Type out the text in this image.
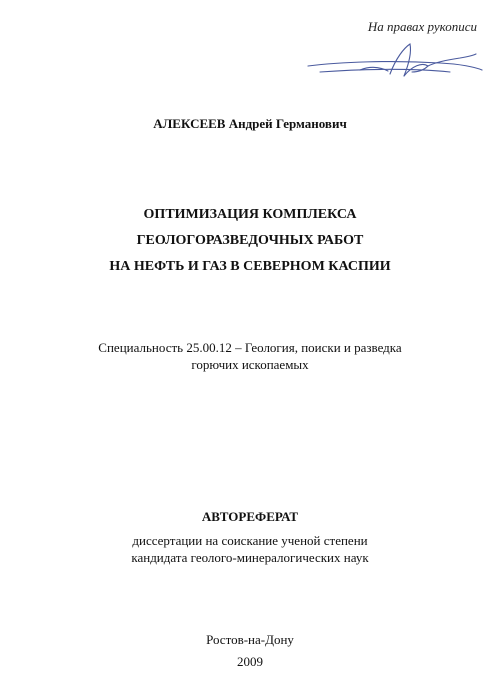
На правах рукописи
АЛЕКСЕЕВ Андрей Германович
ОПТИМИЗАЦИЯ КОМПЛЕКСА
ГЕОЛОГОРАЗВЕДОЧНЫХ РАБОТ
НА НЕФТЬ И ГАЗ В СЕВЕРНОМ КАСПИИ
Специальность 25.00.12 – Геология, поиски и разведка
горючих ископаемых
АВТОРЕФЕРАТ
диссертации на соискание ученой степени
кандидата геолого-минералогических наук
Ростов-на-Дону
2009
